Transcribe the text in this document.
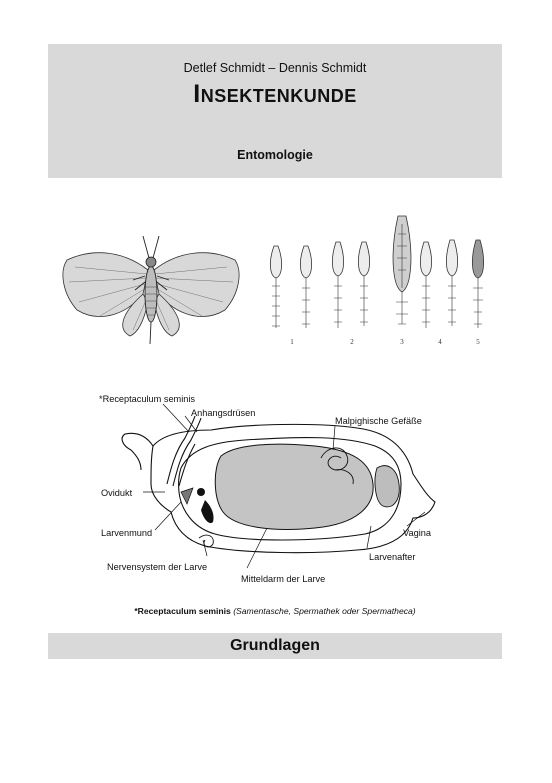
Detlef Schmidt – Dennis Schmidt
Insektenkunde
Entomologie
1	2	3	4	5
*Receptaculum seminis
Anhangsdrüsen
Malpighische Gefäße
Ovidukt
Larvenmund	Vagina
Larvenafter
Nervensystem der Larve
Mitteldarm der Larve
*Receptaculum seminis (Samentasche, Spermathek oder Spermatheca)
Grundlagen
